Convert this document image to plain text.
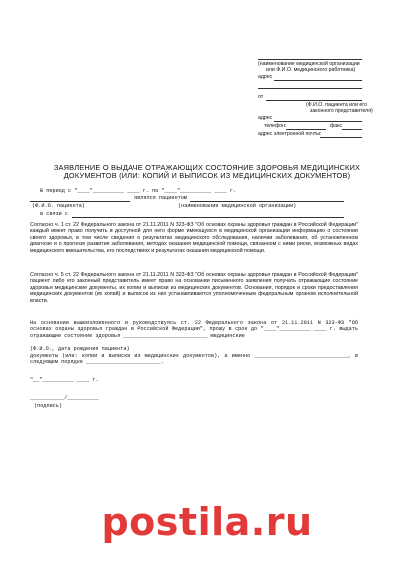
(наименование медицинской организации
или Ф.И.О. медицинского работника)
адрес
от
(Ф.И.О. пациента или его
законного представителя)
адрес
телефон:	факс
адрес электронной почты:
ЗАЯВЛЕНИЕ О ВЫДАЧЕ ОТРАЖАЮЩИХ СОСТОЯНИЕ ЗДОРОВЬЯ МЕДИЦИНСКИХ
ДОКУМЕНТОВ (ИЛИ: КОПИЙ И ВЫПИСОК ИЗ МЕДИЦИНСКИХ ДОКУМЕНТОВ)
В период с "____"__________ ____ г. по "____"__________ ____ г.
являлся пациентом
(Ф.И.О. пациента)	(наименование медицинской организации)
в связи с
Согласно ч. 1 ст. 22 Федерального закона от 21.11.2011 N 323-ФЗ "Об основах охраны здоровья граждан в Российской Федерации" каждый имеет право получить в доступной для него форме имеющуюся в медицинской организации информацию о состоянии своего здоровья, в том числе сведения о результатах медицинского обследования, наличии заболевания, об установленном диагнозе и о прогнозе развития заболевания, методах оказания медицинской помощи, связанном с ними риске, возможных видах медицинского вмешательства, его последствиях и результатах оказания медицинской помощи.
Согласно ч. 5 ст. 22 Федерального закона от 21.11.2011 N 323-ФЗ "Об основах охраны здоровья граждан в Российской Федерации" пациент либо его законный представитель имеет право на основании письменного заявления получать отражающие состояние здоровья медицинские документы, их копии и выписки из медицинских документов. Основания, порядок и сроки предоставления медицинских документов (их копий) и выписок из них устанавливаются уполномоченным федеральным органом исполнительной власти.
На основании вышеизложенного и руководствуясь ст. 22 Федерального закона от 21.11.2011 N 323-ФЗ "Об основах охраны здоровья граждан в Российской Федерации", прошу в срок до "____"__________ ____ г. выдать отражающие состояние здоровья ___________________________ медицинские
(Ф.И.О., дата рождения пациента)
документы (или: копии и выписки из медицинских документов), а именно ______________________________, в следующем порядке ________________________.
"__"__________ ____ г.
___________/__________
(подпись)
postila.ru
